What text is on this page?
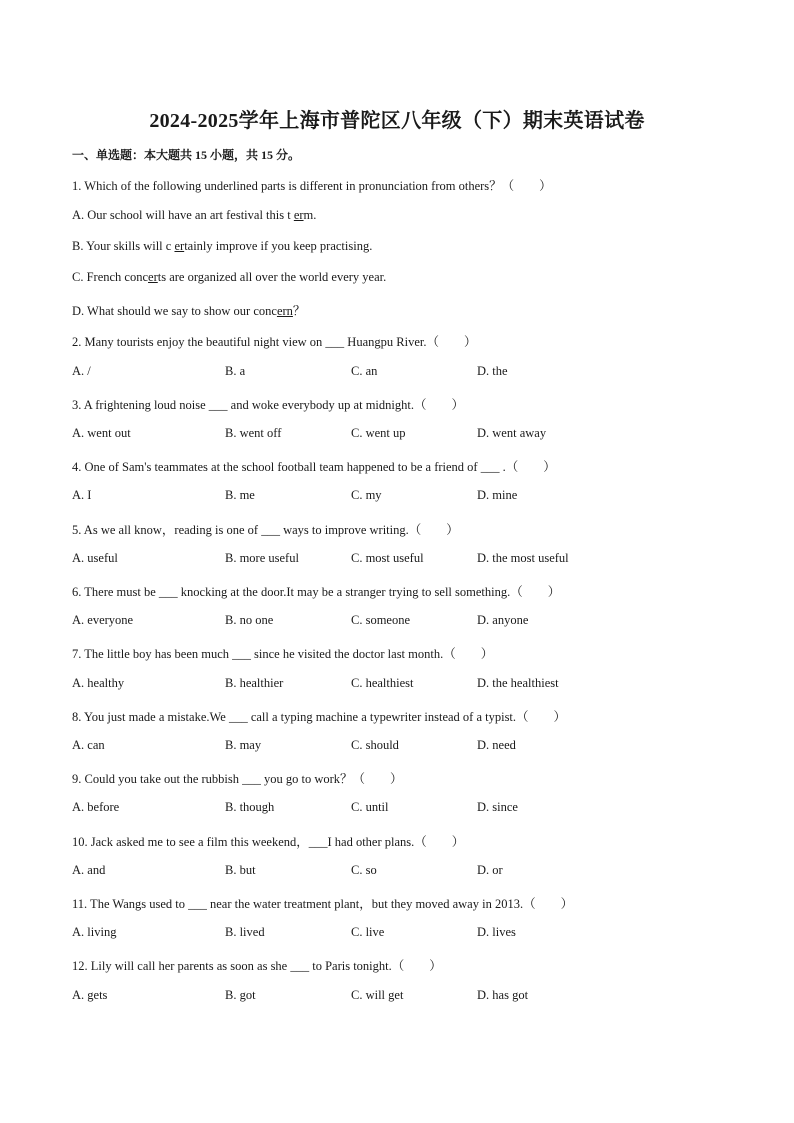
2024-2025学年上海市普陀区八年级（下）期末英语试卷
一、单选题：本大题共 15 小题，共 15 分。
1. Which of the following underlined parts is different in pronunciation from others？（　　）
A. Our school will have an art festival this t erm.
B. Your skills will c ertainly improve if you keep practising.
C. French concerts are organized all over the world every year.
D. What should we say to show our concern？
2. Many tourists enjoy the beautiful night view on ___ Huangpu River.（　　）
A. /	B. a	C. an	D. the
3. A frightening loud noise ___ and woke everybody up at midnight.（　　）
A. went out	B. went off	C. went up	D. went away
4. One of Sam's teammates at the school football team happened to be a friend of ___ .（　　）
A. I	B. me	C. my	D. mine
5. As we all know，reading is one of ___ ways to improve writing.（　　）
A. useful	B. more useful	C. most useful	D. the most useful
6. There must be ___ knocking at the door.It may be a stranger trying to sell something.（　　）
A. everyone	B. no one	C. someone	D. anyone
7. The little boy has been much ___ since he visited the doctor last month.（　　）
A. healthy	B. healthier	C. healthiest	D. the healthiest
8. You just made a mistake.We ___ call a typing machine a typewriter instead of a typist.（　　）
A. can	B. may	C. should	D. need
9. Could you take out the rubbish ___ you go to work？（　　）
A. before	B. though	C. until	D. since
10. Jack asked me to see a film this weekend，___I had other plans.（　　）
A. and	B. but	C. so	D. or
11. The Wangs used to ___ near the water treatment plant，but they moved away in 2013.（　　）
A. living	B. lived	C. live	D. lives
12. Lily will call her parents as soon as she ___ to Paris tonight.（　　）
A. gets	B. got	C. will get	D. has got
